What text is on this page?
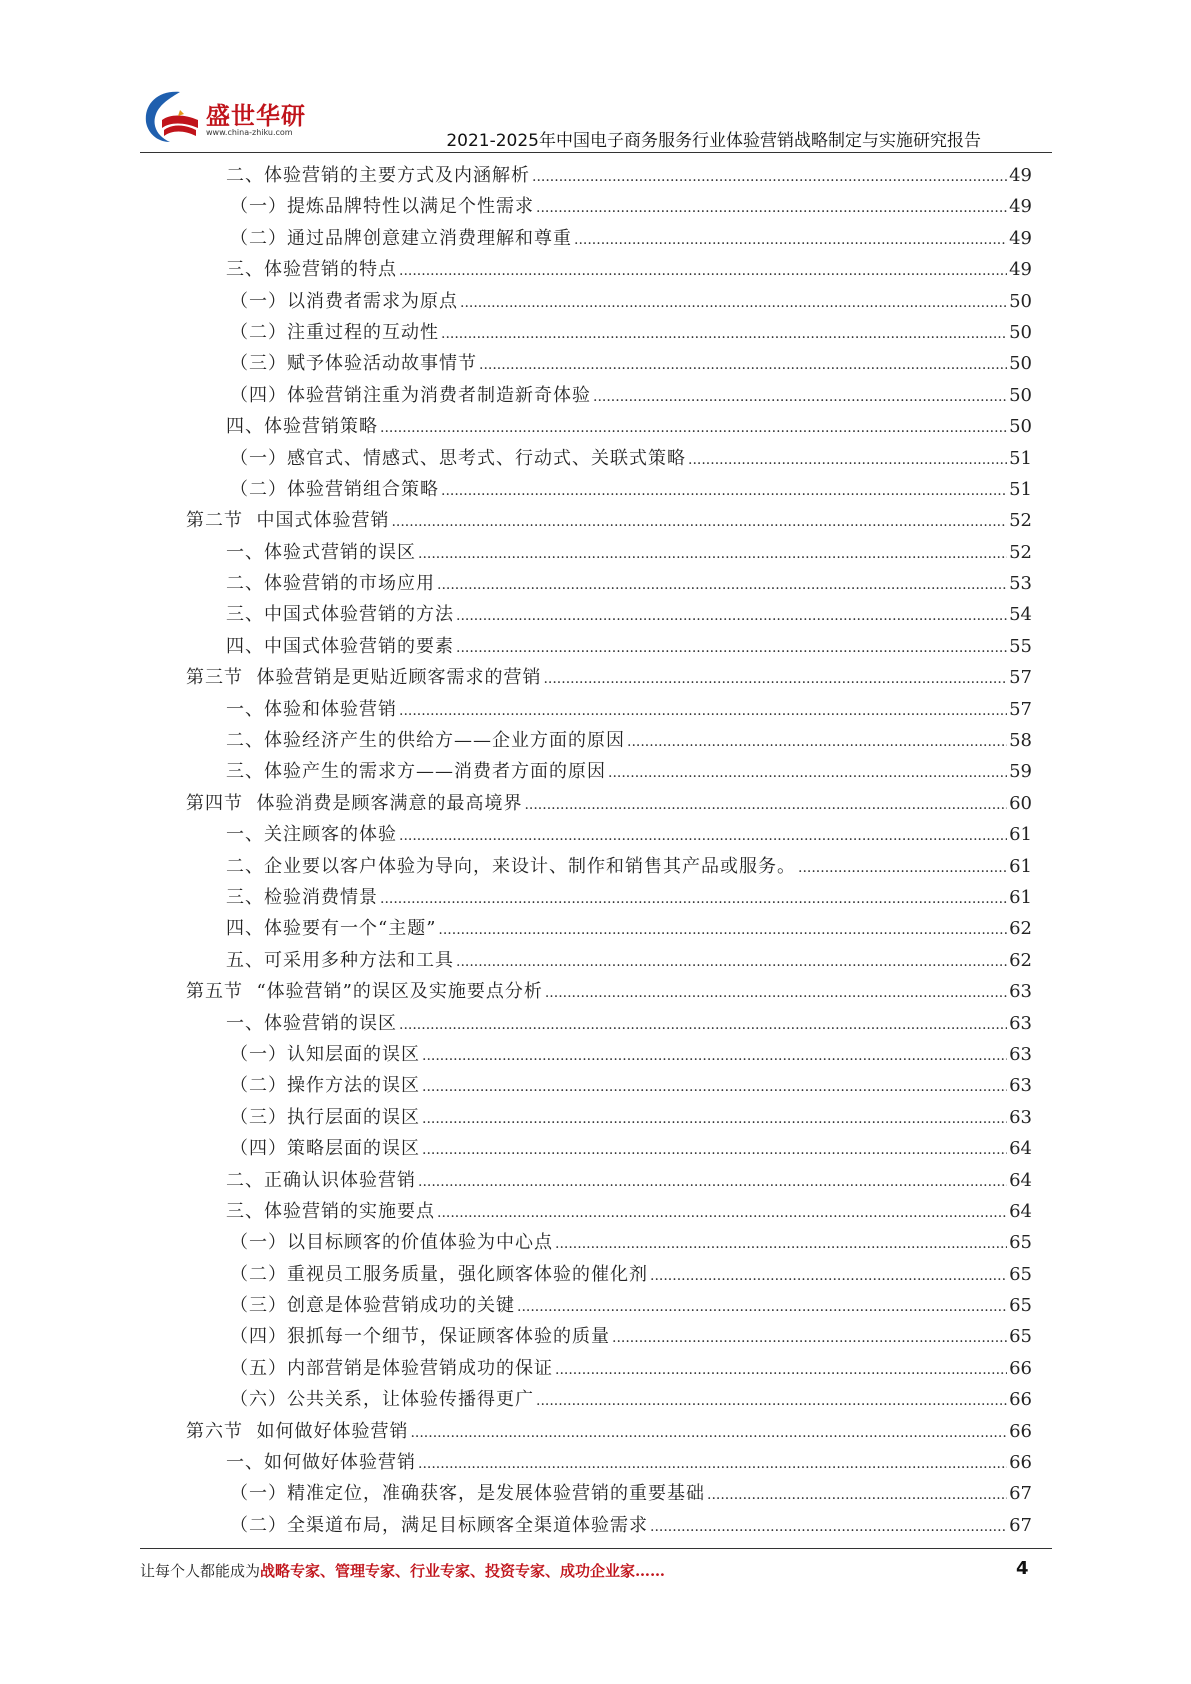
盛世华研
www.china-zhiku.com	2021-2025年中国电子商务服务行业体验营销战略制定与实施研究报告
二、体验营销的主要方式及内涵解析 .....	49
（一）提炼品牌特性以满足个性需求 .....	49
（二）通过品牌创意建立消费理解和尊重 .....	49
三、体验营销的特点 .....	49
（一）以消费者需求为原点 .....	50
（二）注重过程的互动性 .....	50
（三）赋予体验活动故事情节 .....	50
（四）体验营销注重为消费者制造新奇体验 .....	50
四、体验营销策略 .....	50
（一）感官式、情感式、思考式、行动式、关联式策略 .....	51
（二）体验营销组合策略 .....	51
第二节  中国式体验营销 .....	52
一、体验式营销的误区 .....	52
二、体验营销的市场应用 .....	53
三、中国式体验营销的方法 .....	54
四、中国式体验营销的要素 .....	55
第三节  体验营销是更贴近顾客需求的营销 .....	57
一、体验和体验营销 .....	57
二、体验经济产生的供给方——企业方面的原因 .....	58
三、体验产生的需求方——消费者方面的原因 .....	59
第四节  体验消费是顾客满意的最高境界 .....	60
一、关注顾客的体验 .....	61
二、企业要以客户体验为导向，来设计、制作和销售其产品或服务。 .....	61
三、检验消费情景 .....	61
四、体验要有一个“主题” .....	62
五、可采用多种方法和工具 .....	62
第五节  “体验营销”的误区及实施要点分析 .....	63
一、体验营销的误区 .....	63
（一）认知层面的误区 .....	63
（二）操作方法的误区 .....	63
（三）执行层面的误区 .....	63
（四）策略层面的误区 .....	64
二、正确认识体验营销 .....	64
三、体验营销的实施要点 .....	64
（一）以目标顾客的价值体验为中心点 .....	65
（二）重视员工服务质量，强化顾客体验的催化剂 .....	65
（三）创意是体验营销成功的关键 .....	65
（四）狠抓每一个细节，保证顾客体验的质量 .....	65
（五）内部营销是体验营销成功的保证 .....	66
（六）公共关系，让体验传播得更广 .....	66
第六节  如何做好体验营销 .....	66
一、如何做好体验营销 .....	66
（一）精准定位，准确获客，是发展体验营销的重要基础 .....	67
（二）全渠道布局，满足目标顾客全渠道体验需求 .....	67
让每个人都能成为战略专家、管理专家、行业专家、投资专家、成功企业家……	4
